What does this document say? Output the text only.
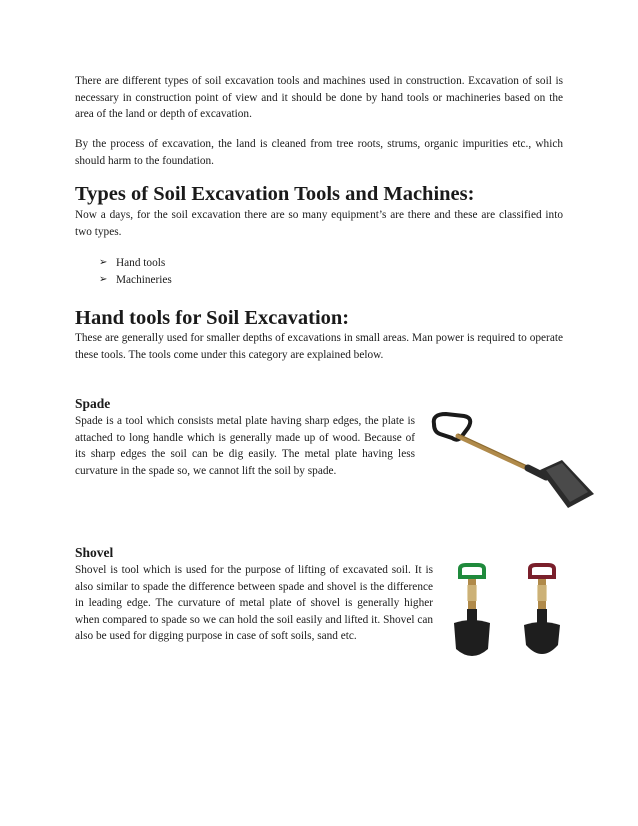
There are different types of soil excavation tools and machines used in construction. Excavation of soil is necessary in construction point of view and it should be done by hand tools or machineries based on the area of the land or depth of excavation.

By the process of excavation, the land is cleaned from tree roots, strums, organic impurities etc., which should harm to the foundation.

Types of Soil Excavation Tools and Machines:

Now a days, for the soil excavation there are so many equipment’s are there and these are classified into two types.

➢ Hand tools
➢ Machineries
Hand tools for Soil Excavation:

These are generally used for smaller depths of excavations in small areas. Man power is required to operate these tools. The tools come under this category are explained below.

Spade

Spade is a tool which consists metal plate having sharp edges, the plate is attached to long handle which is generally made up of wood. Because of its sharp edges the soil can be dig easily. The metal plate having less curvature in the spade so, we cannot lift the soil by spade.

Shovel

Shovel is tool which is used for the purpose of lifting of excavated soil. It is also similar to spade the difference between spade and shovel is the difference in leading edge. The curvature of metal plate of shovel is generally higher when compared to spade so we can hold the soil easily and lifted it. Shovel can also be used for digging purpose in case of soft soils, sand etc.
